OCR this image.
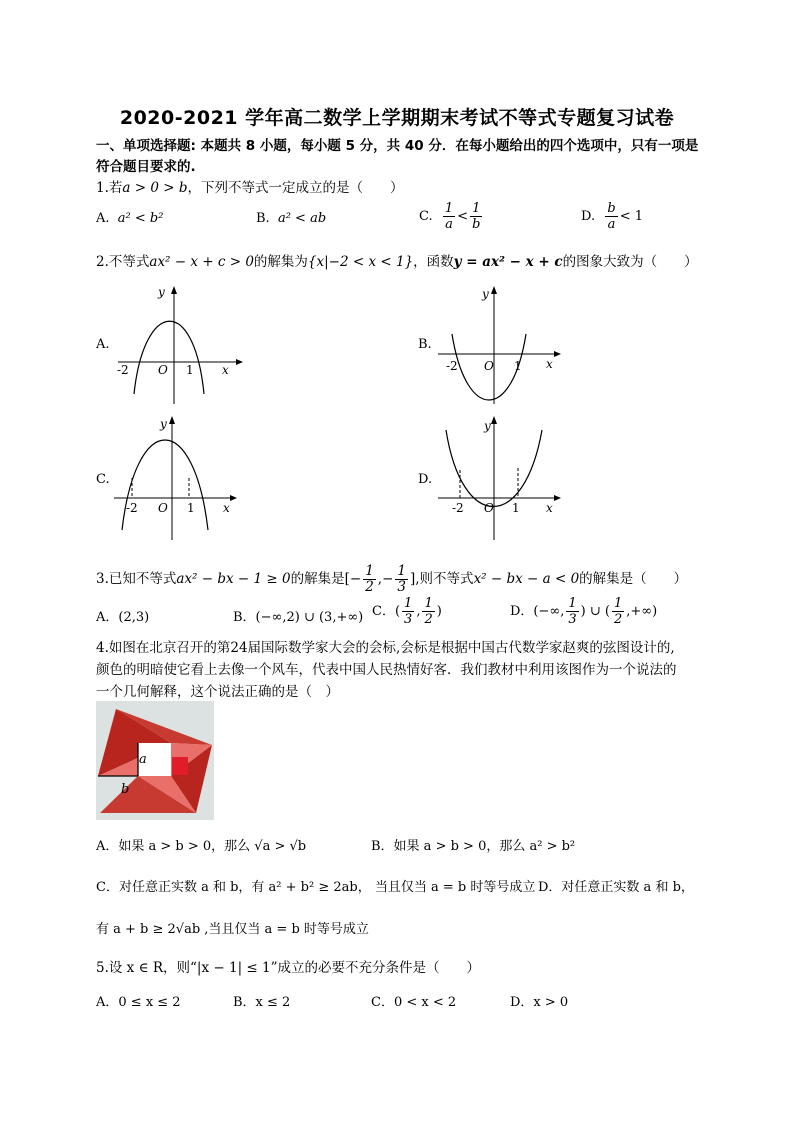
2020-2021 学年高二数学上学期期末考试不等式专题复习试卷
一、单项选择题: 本题共 8 小题，每小题 5 分，共 40 分．在每小题给出的四个选项中，只有一项是
符合题目要求的.
1.若a > 0 > b，下列不等式一定成立的是（　　）
A. a² < b²	B. a² < ab	C. $\frac{1}{a} < \frac{1}{b}$	D. $\frac{b}{a} < 1$
2.不等式ax² − x + c > 0的解集为{x|−2 < x < 1}，函数y = ax² − x + c的图象大致为（　　）
A.	B.
C.	D.
y
x
O
-2	1
y
x
O
-2	1
y
x
O
-2	1
y
x
O
-2	1
3.已知不等式ax² − bx − 1 ≥ 0的解集是[− $\frac{1}{2}$ ,− $\frac{1}{3}$ ],则不等式x² − bx − a < 0的解集是（　　）
A．(2,3)	B．(−∞,2) ∪ (3,+∞) C．( $\frac{1}{3}$ , $\frac{1}{2}$ )	D．(−∞, $\frac{1}{3}$ ) ∪ ( $\frac{1}{2}$ ,+∞)
4.如图在北京召开的第24届国际数学家大会的会标,会标是根据中国古代数学家赵爽的弦图设计的,
颜色的明暗使它看上去像一个风车，代表中国人民热情好客．我们教材中利用该图作为一个说法的
一个几何解释，这个说法正确的是（　）
a
b
A．如果 a > b > 0，那么 √a > √b	B．如果 a > b > 0，那么 a² > b²
C．对任意正实数 a 和 b，有 a² + b² ≥ 2ab， 当且仅当 a = b 时等号成立 D．对任意正实数 a 和 b，
有 a + b ≥ 2√ab ,当且仅当 a = b 时等号成立
5.设 x ∈ R，则“|x − 1| ≤ 1”成立的必要不充分条件是（　　）
A．0 ≤ x ≤ 2	B．x ≤ 2	C．0 < x < 2	D．x > 0
